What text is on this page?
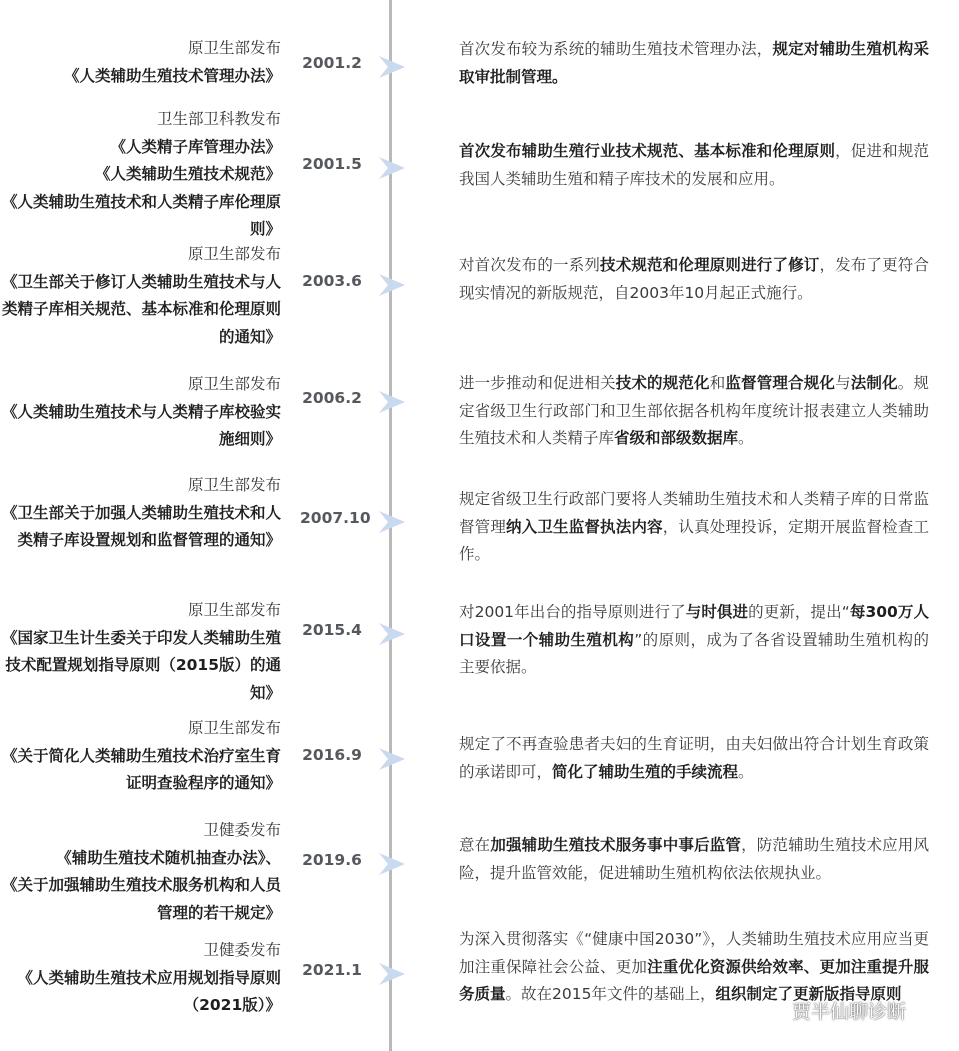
原卫生部发布
《人类辅助生殖技术管理办法》
2001.2
首次发布较为系统的辅助生殖技术管理办法，规定对辅助生殖机构采取审批制管理。
卫生部卫科教发布
《人类精子库管理办法》
《人类辅助生殖技术规范》
《人类辅助生殖技术和人类精子库伦理原则》
2001.5
首次发布辅助生殖行业技术规范、基本标准和伦理原则，促进和规范我国人类辅助生殖和精子库技术的发展和应用。
原卫生部发布
《卫生部关于修订人类辅助生殖技术与人类精子库相关规范、基本标准和伦理原则的通知》
2003.6
对首次发布的一系列技术规范和伦理原则进行了修订，发布了更符合现实情况的新版规范，自2003年10月起正式施行。
原卫生部发布
《人类辅助生殖技术与人类精子库校验实施细则》
2006.2
进一步推动和促进相关技术的规范化和监督管理合规化与法制化。规定省级卫生行政部门和卫生部依据各机构年度统计报表建立人类辅助生殖技术和人类精子库省级和部级数据库。
原卫生部发布
《卫生部关于加强人类辅助生殖技术和人类精子库设置规划和监督管理的通知》
2007.10
规定省级卫生行政部门要将人类辅助生殖技术和人类精子库的日常监督管理纳入卫生监督执法内容，认真处理投诉，定期开展监督检查工作。
原卫生部发布
《国家卫生计生委关于印发人类辅助生殖技术配置规划指导原则（2015版）的通知》
2015.4
对2001年出台的指导原则进行了与时俱进的更新，提出“每300万人口设置一个辅助生殖机构”的原则，成为了各省设置辅助生殖机构的主要依据。
原卫生部发布
《关于简化人类辅助生殖技术治疗室生育证明查验程序的通知》
2016.9
规定了不再查验患者夫妇的生育证明，由夫妇做出符合计划生育政策的承诺即可，简化了辅助生殖的手续流程。
卫健委发布
《辅助生殖技术随机抽查办法》、
《关于加强辅助生殖技术服务机构和人员管理的若干规定》
2019.6
意在加强辅助生殖技术服务事中事后监管，防范辅助生殖技术应用风险，提升监管效能，促进辅助生殖机构依法依规执业。
卫健委发布
《人类辅助生殖技术应用规划指导原则（2021版）》
2021.1
为深入贯彻落实《“健康中国2030”》，人类辅助生殖技术应用应当更加注重保障社会公益、更加注重优化资源供给效率、更加注重提升服务质量。故在2015年文件的基础上，组织制定了更新版指导原则
贾半仙聊诊断
